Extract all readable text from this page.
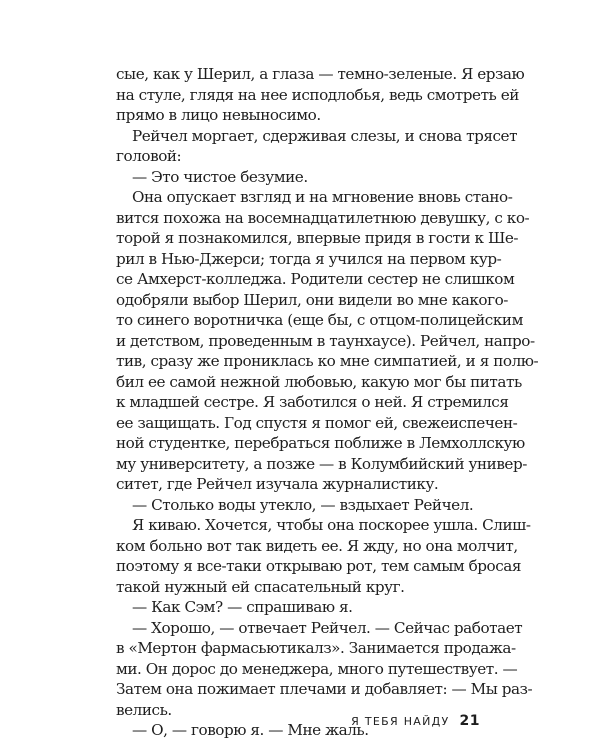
сые, как у Шерил, а глаза — темно-зеленые. Я ерзаю
на стуле, глядя на нее исподлобья, ведь смотреть ей
прямо в лицо невыносимо.
Рейчел моргает, сдерживая слезы, и снова трясет
головой:
— Это чистое безумие.
Она опускает взгляд и на мгновение вновь стано-
вится похожа на восемнадцатилетнюю девушку, с ко-
торой я познакомился, впервые придя в гости к Ше-
рил в Нью-Джерси; тогда я учился на первом кур-
се Амхерст-колледжа. Родители сестер не слишком
одобряли выбор Шерил, они видели во мне какого-
то синего воротничка (еще бы, с отцом-полицейским
и детством, проведенным в таунхаусе). Рейчел, напро-
тив, сразу же прониклась ко мне симпатией, и я полю-
бил ее самой нежной любовью, какую мог бы питать
к младшей сестре. Я заботился о ней. Я стремился
ее защищать. Год спустя я помог ей, свежеиспечен-
ной студентке, перебраться поближе в Лемхоллскую
му университету, а позже — в Колумбийский универ-
ситет, где Рейчел изучала журналистику.
— Столько воды утекло, — вздыхает Рейчел.
Я киваю. Хочется, чтобы она поскорее ушла. Слиш-
ком больно вот так видеть ее. Я жду, но она молчит,
поэтому я все-таки открываю рот, тем самым бросая
такой нужный ей спасательный круг.
— Как Сэм? — спрашиваю я.
— Хорошо, — отвечает Рейчел. — Сейчас работает
в «Мертон фармасьютикалз». Занимается продажа-
ми. Он дорос до менеджера, много путешествует. —
Затем она пожимает плечами и добавляет: — Мы раз-
велись.
— О, — говорю я. — Мне жаль.
Я ТЕБЯ НАЙДУ 21
